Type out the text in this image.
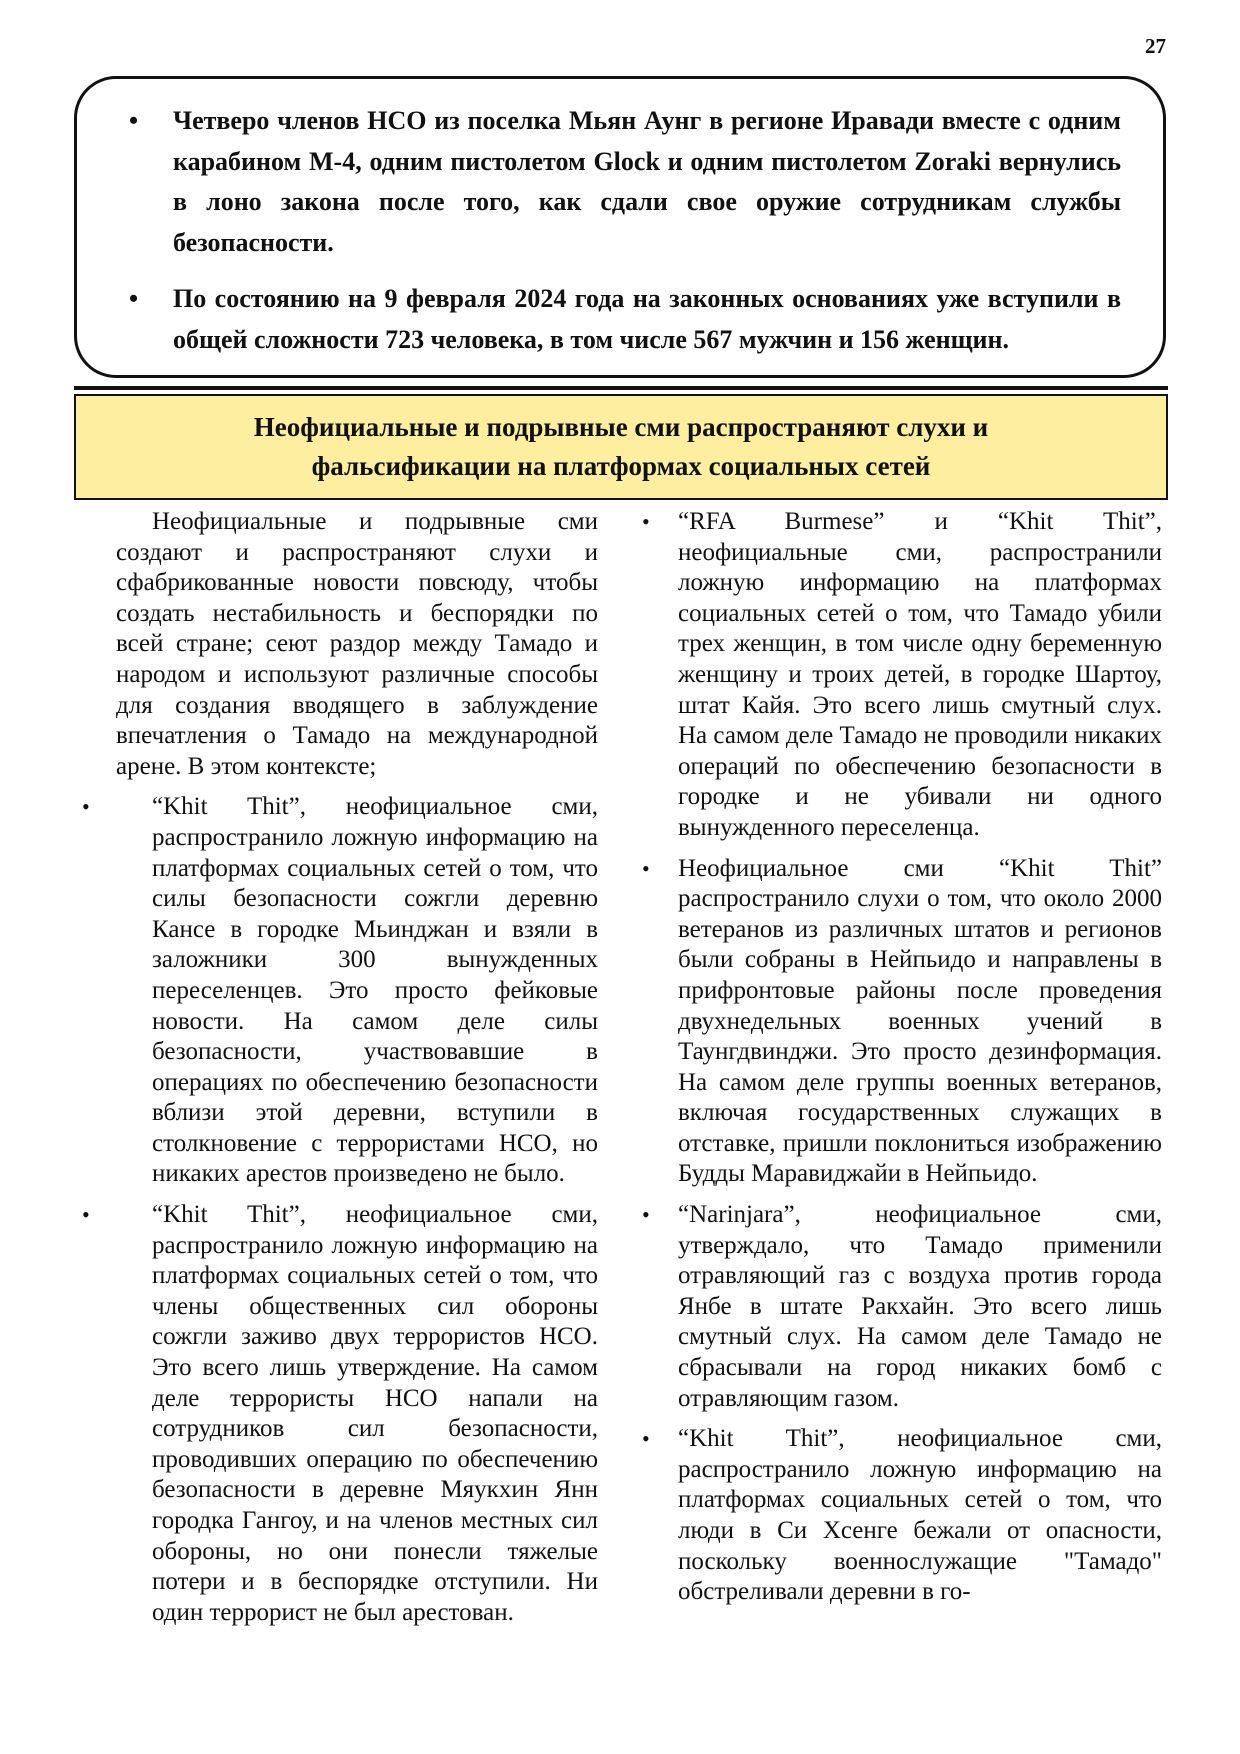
27
• Четверо членов НСО из поселка Мьян Аунг в регионе Иравади вместе с одним карабином М-4, одним пистолетом Glock и одним пистолетом Zoraki вернулись в лоно закона после того, как сдали свое оружие сотрудникам службы безопасности.
• По состоянию на 9 февраля 2024 года на законных основаниях уже вступили в общей сложности 723 человека, в том числе 567 мужчин и 156 женщин.
Неофициальные и подрывные сми распространяют слухи и
фальсификации на платформах социальных сетей

Неофициальные и подрывные сми создают и распространяют слухи и сфабрикованные новости повсюду, чтобы создать нестабильность и беспорядки по всей стране; сеют раздор между Тамадо и народом и используют различные способы для создания вводящего в заблуждение впечатления о Тамадо на международной арене. В этом контексте;

• “Khit Thit”, неофициальное сми, распространило ложную информацию на платформах социальных сетей о том, что силы безопасности сожгли деревню Кансе в городке Мьинджан и взяли в заложники 300 вынужденных переселенцев. Это просто фейковые новости. На самом деле силы безопасности, участвовавшие в операциях по обеспечению безопасности вблизи этой деревни, вступили в столкновение с террористами НСО, но никаких арестов произведено не было.
• “Khit Thit”, неофициальное сми, распространило ложную информацию на платформах социальных сетей о том, что члены общественных сил обороны сожгли заживо двух террористов НСО. Это всего лишь утверждение. На самом деле террористы НСО напали на сотрудников сил безопасности, проводивших операцию по обеспечению безопасности в деревне Мяукхин Янн городка Гангоу, и на членов местных сил обороны, но они понесли тяжелые потери и в беспорядке отступили. Ни один террорист не был арестован.
• “RFA Burmese” и “Khit Thit”, неофициальные сми, распространили ложную информацию на платформах социальных сетей о том, что Тамадо убили трех женщин, в том числе одну беременную женщину и троих детей, в городке Шартоу, штат Кайя. Это всего лишь смутный слух. На самом деле Тамадо не проводили никаких операций по обеспечению безопасности в городке и не убивали ни одного вынужденного переселенца.
• Неофициальное сми “Khit Thit” распространило слухи о том, что около 2000 ветеранов из различных штатов и регионов были собраны в Нейпьидо и направлены в прифронтовые районы после проведения двухнедельных военных учений в Таунгдвинджи. Это просто дезинформация. На самом деле группы военных ветеранов, включая государственных служащих в отставке, пришли поклониться изображению Будды Маравиджайи в Нейпьидо.
• “Narinjara”, неофициальное сми, утверждало, что Тамадо применили отравляющий газ с воздуха против города Янбе в штате Ракхайн. Это всего лишь смутный слух. На самом деле Тамадо не сбрасывали на город никаких бомб с отравляющим газом.
• “Khit Thit”, неофициальное сми, распространило ложную информацию на платформах социальных сетей о том, что люди в Си Хсенге бежали от опасности, поскольку военнослужащие "Тамадо" обстреливали деревни в го-
